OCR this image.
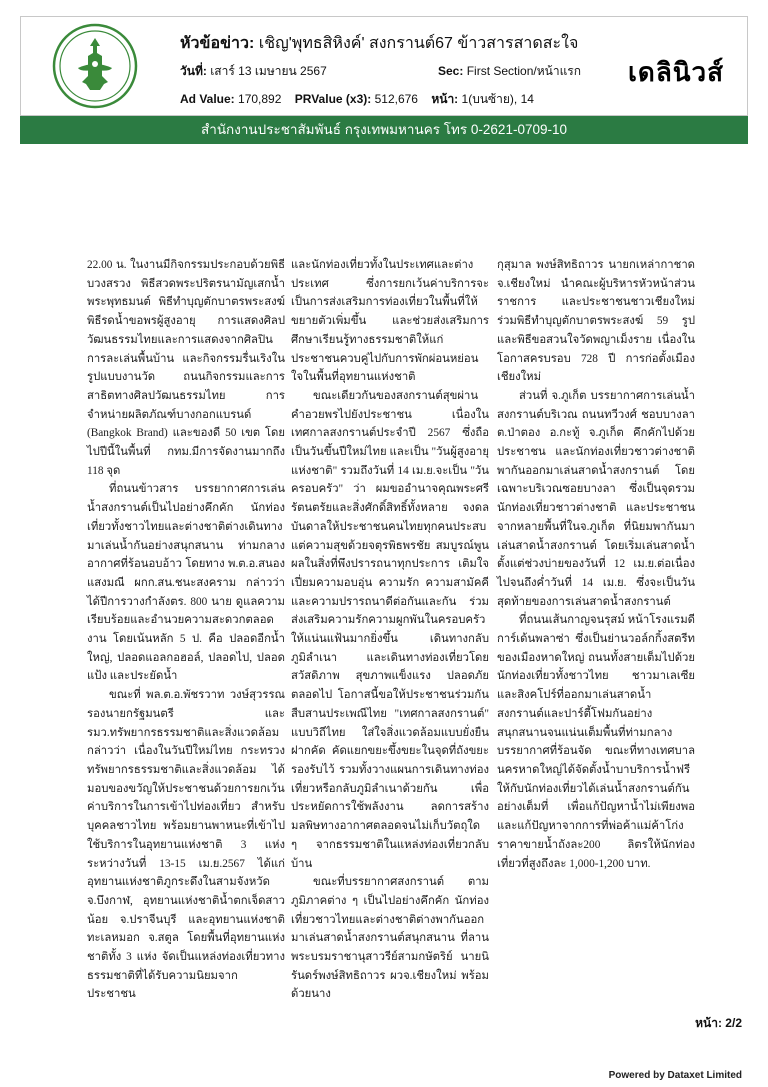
หัวข้อข่าว: เชิญ'พุทธสิหิงค์' สงกรานต์67 ข้าวสารสาดสะใจ
วันที่: เสาร์ 13 เมษายน 2567	Sec: First Section/หน้าแรก
Ad Value: 170,892 PRValue (x3): 512,676 หน้า: 1(บนซ้าย), 14
เดลินิวส์
สำนักงานประชาสัมพันธ์ กรุงเทพมหานคร โทร 0-2621-0709-10

22.00 น. ในงานมีกิจกรรมประกอบด้วยพิธีบวงสรวง พิธีสวดพระปริตรนามัญเสกน้ำพระพุทธมนต์ พิธีทำบุญตักบาตรพระสงฆ์ พิธีรดน้ำขอพรผู้สูงอายุ การแสดงศิลปวัฒนธรรมไทยและการแสดงจากศิลปินการละเล่นพื้นบ้าน และกิจกรรมรื่นเริงในรูปแบบงานวัด ถนนกิจกรรมและการสาธิตทางศิลปวัฒนธรรมไทย การจำหน่ายผลิตภัณฑ์บางกอกแบรนด์ (Bangkok Brand) และของดี 50 เขต โดยไปปีนี้ในพื้นที่ กทม.มีการจัดงานมากถึง 118 จุด

ที่ถนนข้าวสาร บรรยากาศการเล่นน้ำสงกรานต์เป็นไปอย่างคึกคัก นักท่องเที่ยวทั้งชาวไทยและต่างชาติต่างเดินทางมาเล่นน้ำกันอย่างสนุกสนาน ท่ามกลางอากาศที่ร้อนอบอ้าว โดยทาง พ.ต.อ.สนอง แสงมณี ผกก.สน.ชนะสงคราม กล่าวว่า ได้ปีการวางกำลังตร. 800 นาย ดูแลความเรียบร้อยและอำนวยความสะดวกตลอดงาน โดยเน้นหลัก 5 ป. คือ ปลอดอีกน้ำใหญ่, ปลอดแอลกอฮอล์, ปลอดไป, ปลอดแป้ง และประยัดน้ำ

ขณะที่ พล.ต.อ.พัชรวาท วงษ์สุวรรณ รองนายกรัฐมนตรี และรมว.ทรัพยากรธรรมชาติและสิ่งแวดล้อม กล่าวว่า เนื่องในวันปีใหม่ไทย กระทรวงทรัพยากรธรรมชาติและสิ่งแวดล้อม ได้มอบของขวัญให้ประชาชนด้วยการยกเว้นค่าบริการในการเข้าไปท่องเที่ยว สำหรับบุคคลชาวไทย พร้อมยานพาหนะที่เข้าไปใช้บริการในอุทยานแห่งชาติ 3 แห่ง ระหว่างวันที่ 13-15 เม.ย.2567 ได้แก่ อุทยานแห่งชาติภูกระดึงในสามจังหวัด จ.บึงกาฬ, อุทยานแห่งชาติน้ำตกเจ็ดสาวน้อย จ.ปราจีนบุรี และอุทยานแห่งชาติทะเลหมอก จ.สตูล โดยพื้นที่อุทยานแห่งชาติทั้ง 3 แห่ง จัดเป็นแหล่งท่องเที่ยวทางธรรมชาติที่ได้รับความนิยมจากประชาชน

และนักท่องเที่ยวทั้งในประเทศและต่างประเทศ ซึ่งการยกเว้นค่าบริการจะเป็นการส่งเสริมการท่องเที่ยวในพื้นที่ให้ขยายตัวเพิ่มขึ้น และช่วยส่งเสริมการศึกษาเรียนรู้ทางธรรมชาติให้แก่ประชาชนควบคู่ไปกับการพักผ่อนหย่อนใจในพื้นที่อุทยานแห่งชาติ

ขณะเดียวกันของสงกรานต์สุขผ่านคำอวยพรไปยังประชาชน เนื่องในเทศกาลสงกรานต์ประจำปี 2567 ซึ่งถือเป็นวันขึ้นปีใหม่ไทย และเป็น "วันผู้สูงอายุแห่งชาติ" รวมถึงวันที่ 14 เม.ย.จะเป็น "วันครอบครัว" ว่า ผมขออำนาจคุณพระศรีรัตนตรัยและสิ่งศักดิ์สิทธิ์ทั้งหลาย จงดลบันดาลให้ประชาชนคนไทยทุกคนประสบแต่ความสุขด้วยจตุรพิธพรชัย สมบูรณ์พูนผลในสิ่งที่พึงปรารถนาทุกประการ เติมใจเปี่ยมความอบอุ่น ความรัก ความสามัคคี และความปรารถนาดีต่อกันและกัน ร่วมส่งเสริมความรักความผูกพันในครอบครัวให้แน่นแฟ้นมากยิ่งขึ้น เดินทางกลับภูมิลำเนา และเดินทางท่องเที่ยวโดยสวัสดิภาพ สุขภาพแข็งแรง ปลอดภัยตลอดไป โอกาสนี้ขอให้ประชาชนร่วมกันสืบสานประเพณีไทย "เทศกาลสงกรานต์" แบบวิถีไทย ใส่ใจสิ่งแวดล้อมแบบยั่งยืน ฝากคัด คัดแยกขยะขึ้งขยะในจุดที่ถังขยะรองรับไว้ รวมทั้งวางแผนการเดินทางท่องเที่ยวหรือกลับภูมิลำเนาด้วยกัน เพื่อประหยัดการใช้พลังงาน ลดการสร้างมลพิษทางอากาศตลอดจนไม่เก็บวัตถุใด ๆ จากธรรมชาติในแหล่งท่องเที่ยวกลับบ้าน

ขณะที่บรรยากาศสงกรานต์ ตามภูมิภาคต่าง ๆ เป็นไปอย่างคึกคัก นักท่องเที่ยวชาวไทยและต่างชาติต่างพากันออกมาเล่นสาดน้ำสงกรานต์สนุกสนาน ที่ลานพระบรมราชานุสาวรีย์สามกษัตริย์ นายนิรันดร์พงษ์สิทธิถาวร ผวจ.เชียงใหม่ พร้อมด้วยนาง

กุสุมาล พงษ์สิทธิถาวร นายกเหล่ากาชาดจ.เชียงใหม่ นำคณะผู้บริหารหัวหน้าส่วนราชการ และประชาชนชาวเชียงใหม่ ร่วมพิธีทำบุญตักบาตรพระสงฆ์ 59 รูป และพิธีขอสวนใจวัดพญาเม็งราย เนื่องในโอกาสครบรอบ 728 ปี การก่อตั้งเมืองเชียงใหม่

ส่วนที่ จ.ภูเก็ต บรรยากาศการเล่นน้ำสงกรานต์บริเวณ ถนนทวีวงศ์ ชอบบางลา ต.ป่าตอง อ.กะทู้ จ.ภูเก็ต คึกคักไปด้วยประชาชน และนักท่องเที่ยวชาวต่างชาติพากันออกมาเล่นสาดน้ำสงกรานต์ โดยเฉพาะบริเวณซอยบางลา ซึ่งเป็นจุดรวมนักท่องเที่ยวชาวต่างชาติ และประชาชนจากหลายพื้นที่ในจ.ภูเก็ต ที่นิยมพากันมาเล่นสาดน้ำสงกรานต์ โดยเริ่มเล่นสาดน้ำตั้งแต่ช่วงบ่ายของวันที่ 12 เม.ย.ต่อเนื่องไปจนถึงค่ำวันที่ 14 เม.ย. ซึ่งจะเป็นวันสุดท้ายของการเล่นสาดน้ำสงกรานต์

ที่ถนนเส้นกาญจนรุสม์ หน้าโรงแรมดีการ์เด้นพลาซ่า ซึ่งเป็นย่านวอล์กกิ้งสตรีทของเมืองหาดใหญ่ ถนนทั้งสายเต็มไปด้วยนักท่องเที่ยวทั้งชาวไทย ชาวมาเลเซีย และสิงคโปร์ที่ออกมาเล่นสาดน้ำสงกรานต์และปาร์ตี้โฟมกันอย่างสนุกสนานจนแน่นเต็มพื้นที่ท่ามกลางบรรยากาศที่ร้อนจัด ขณะที่ทางเทศบาลนครหาดใหญ่ได้จัดตั้งน้ำบาบริการน้ำฟรีให้กับนักท่องเที่ยวได้เล่นน้ำสงกรานต์กันอย่างเต็มที่ เพื่อแก้ปัญหาน้ำไม่เพียงพอและแก้ปัญหาจากการที่พ่อค้าแม่ค้าโก่งราคาขายน้ำถังละ200 ลิตรให้นักท่องเที่ยวที่สูงถึงละ 1,000-1,200 บาท.

หน้า: 2/2
Powered by Dataxet Limited
